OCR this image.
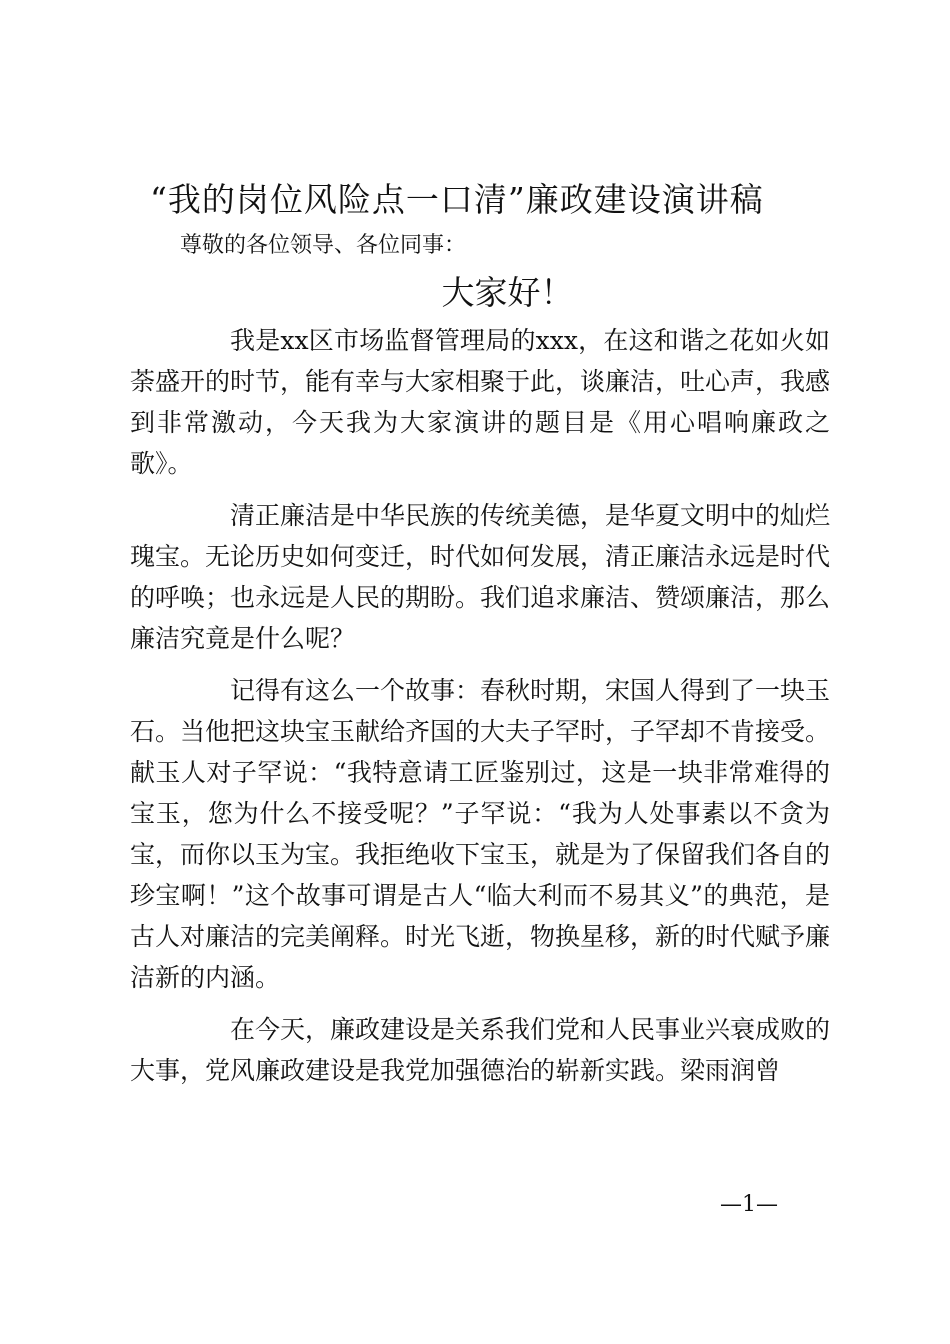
“我的岗位风险点一口清”廉政建设演讲稿
尊敬的各位领导、各位同事：
大家好！

我是xx区市场监督管理局的xxx，在这和谐之花如火如荼盛开的时节，能有幸与大家相聚于此，谈廉洁，吐心声，我感到非常激动，今天我为大家演讲的题目是《用心唱响廉政之歌》。

清正廉洁是中华民族的传统美德，是华夏文明中的灿烂瑰宝。无论历史如何变迁，时代如何发展，清正廉洁永远是时代的呼唤；也永远是人民的期盼。我们追求廉洁、赞颂廉洁，那么廉洁究竟是什么呢？

记得有这么一个故事：春秋时期，宋国人得到了一块玉石。当他把这块宝玉献给齐国的大夫子罕时，子罕却不肯接受。献玉人对子罕说：“我特意请工匠鉴别过，这是一块非常难得的宝玉，您为什么不接受呢？”子罕说：“我为人处事素以不贪为宝，而你以玉为宝。我拒绝收下宝玉，就是为了保留我们各自的珍宝啊！”这个故事可谓是古人“临大利而不易其义”的典范，是古人对廉洁的完美阐释。时光飞逝，物换星移，新的时代赋予廉洁新的内涵。

在今天，廉政建设是关系我们党和人民事业兴衰成败的大事，党风廉政建设是我党加强德治的崭新实践。梁雨润曾

—1—
